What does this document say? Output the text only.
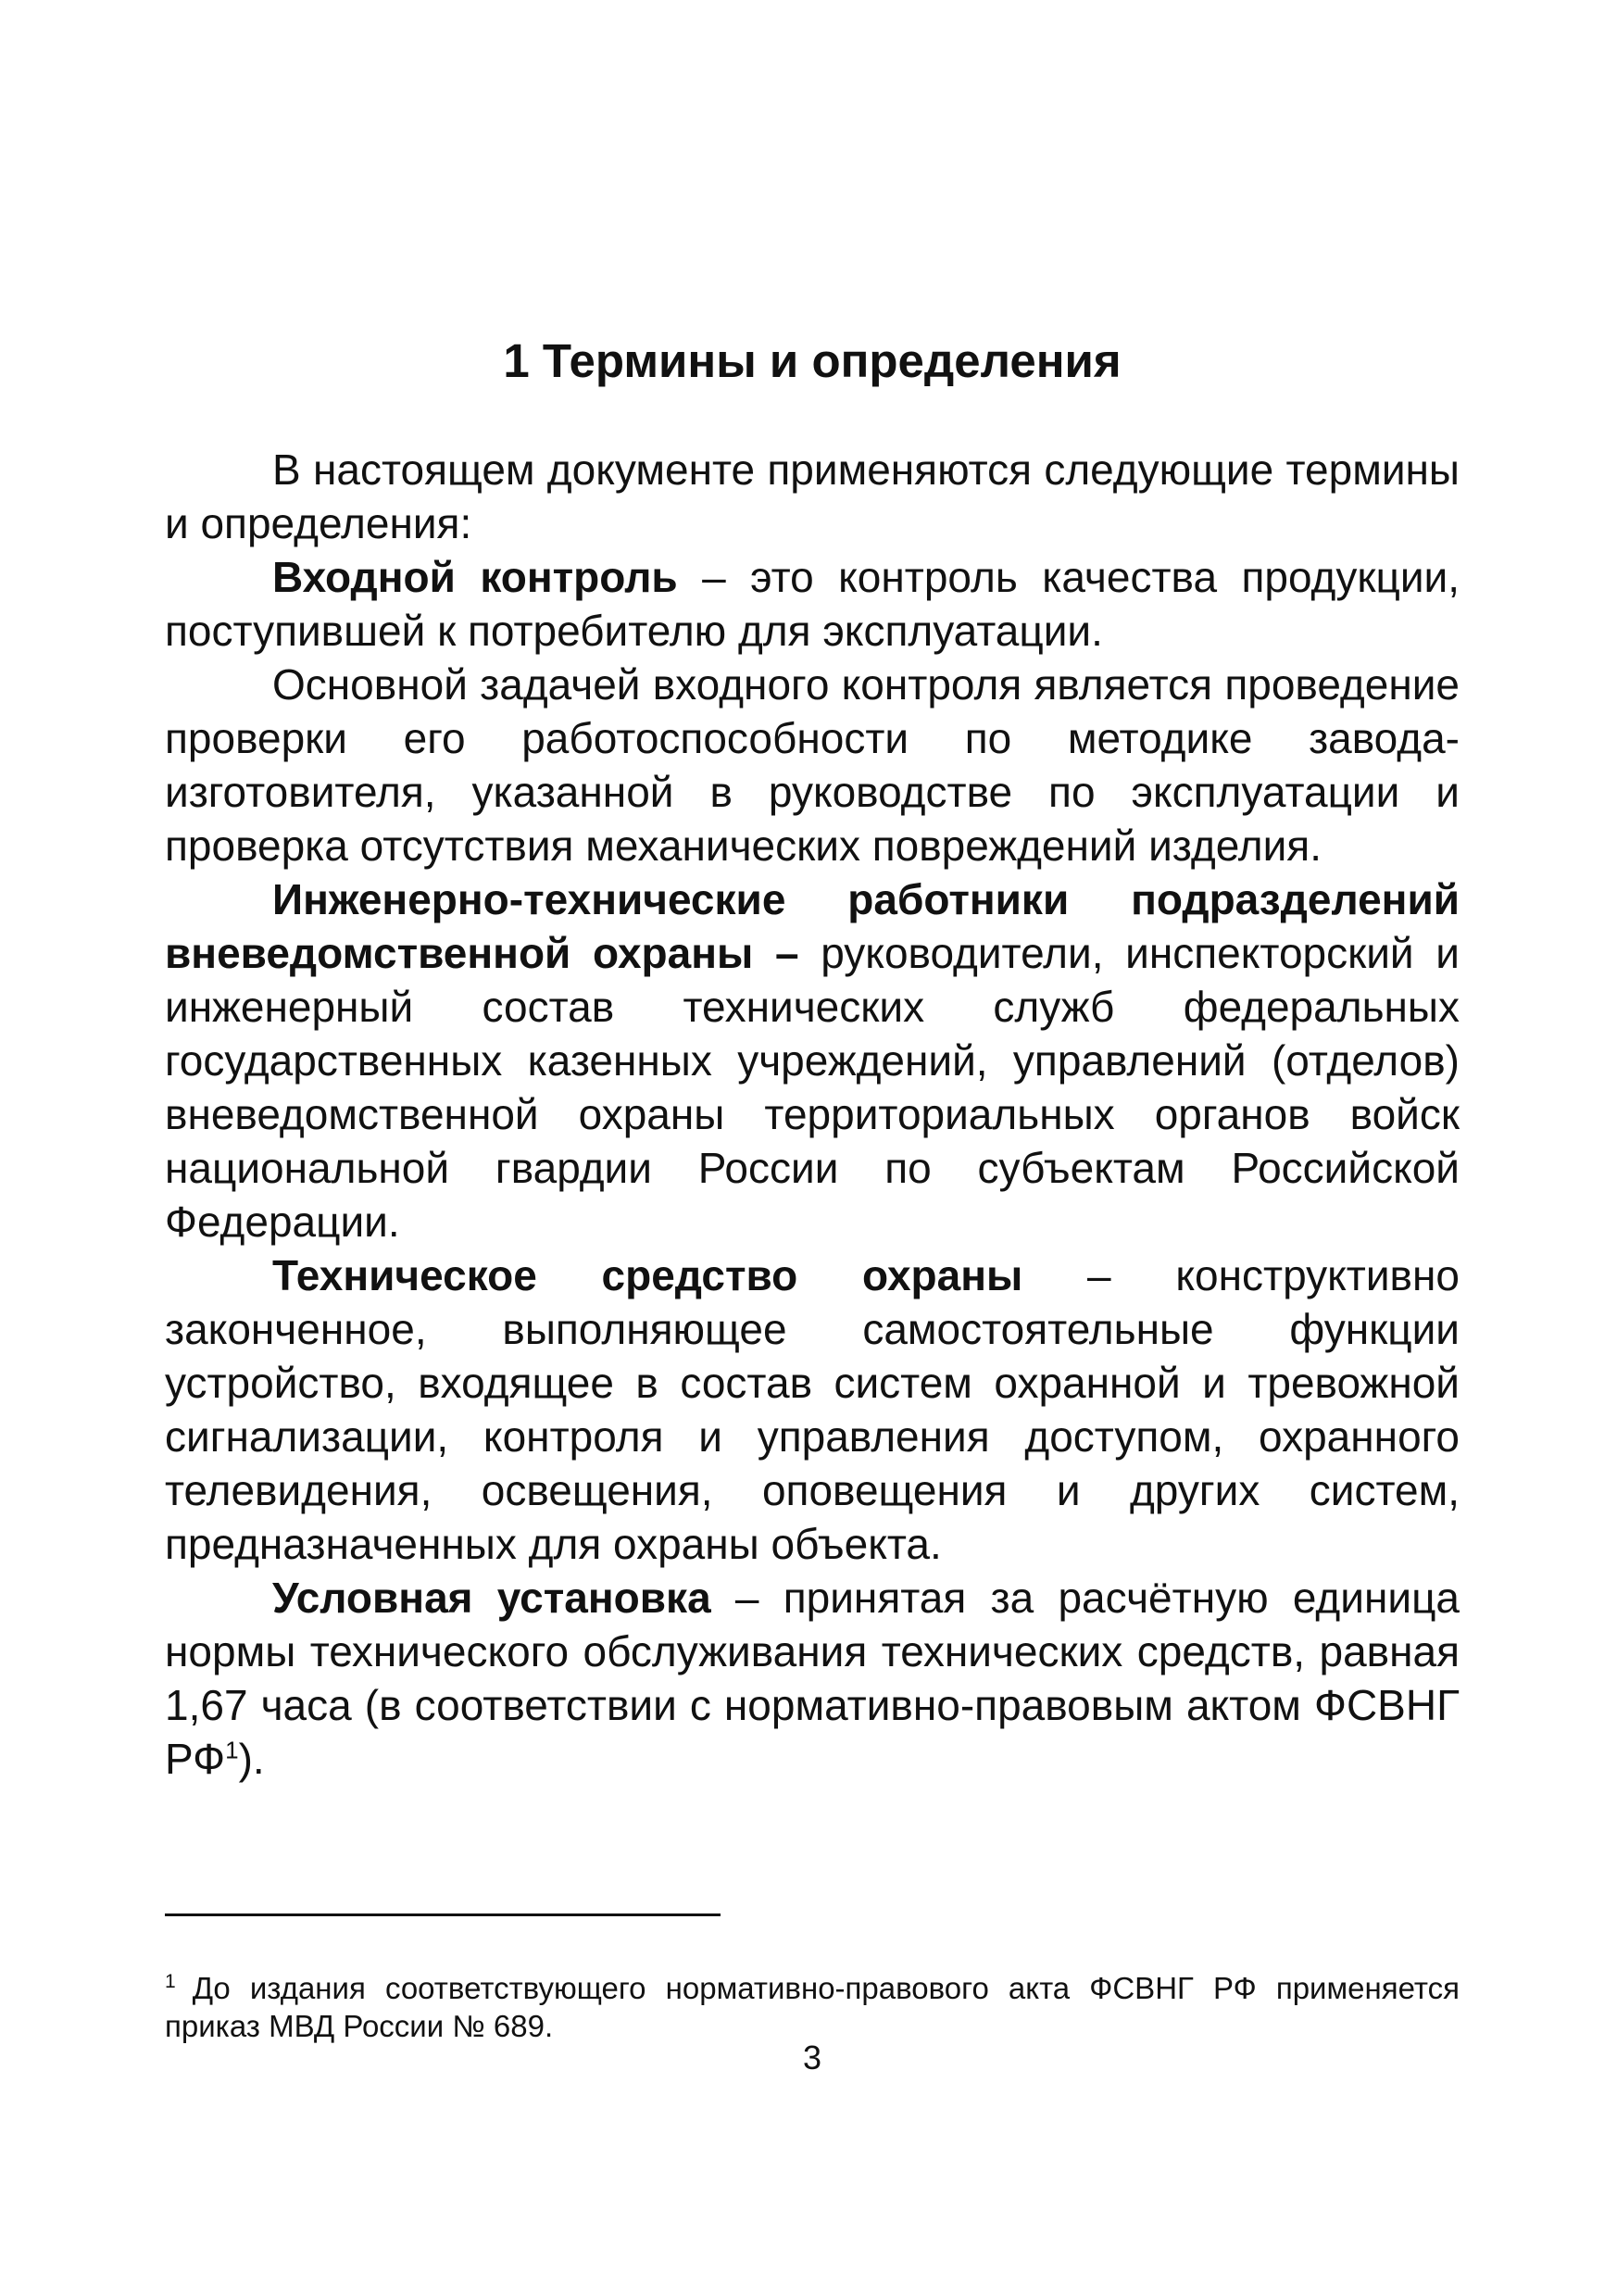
1 Термины и определения

В настоящем документе применяются следующие термины и определения:

Входной контроль – это контроль качества продукции, поступившей к потребителю для эксплуатации.

Основной задачей входного контроля является проведение проверки его работоспособности по методике завода-изготовителя, указанной в руководстве по эксплуатации и проверка отсутствия механических повреждений изделия.

Инженерно-технические работники подразделений вневедомственной охраны – руководители, инспекторский и инженерный состав технических служб федеральных государственных казенных учреждений, управлений (отделов) вневедомственной охраны территориальных органов войск национальной гвардии России по субъектам Российской Федерации.

Техническое средство охраны – конструктивно законченное, выполняющее самостоятельные функции устройство, входящее в состав систем охранной и тревожной сигнализации, контроля и управления доступом, охранного телевидения, освещения, оповещения и других систем, предназначенных для охраны объекта.

Условная установка – принятая за расчётную единица нормы технического обслуживания технических средств, равная 1,67 часа (в соответствии с нормативно-правовым актом ФСВНГ РФ$^1$).

$^1$ До издания соответствующего нормативно-правового акта ФСВНГ РФ применяется приказ МВД России № 689.

3
